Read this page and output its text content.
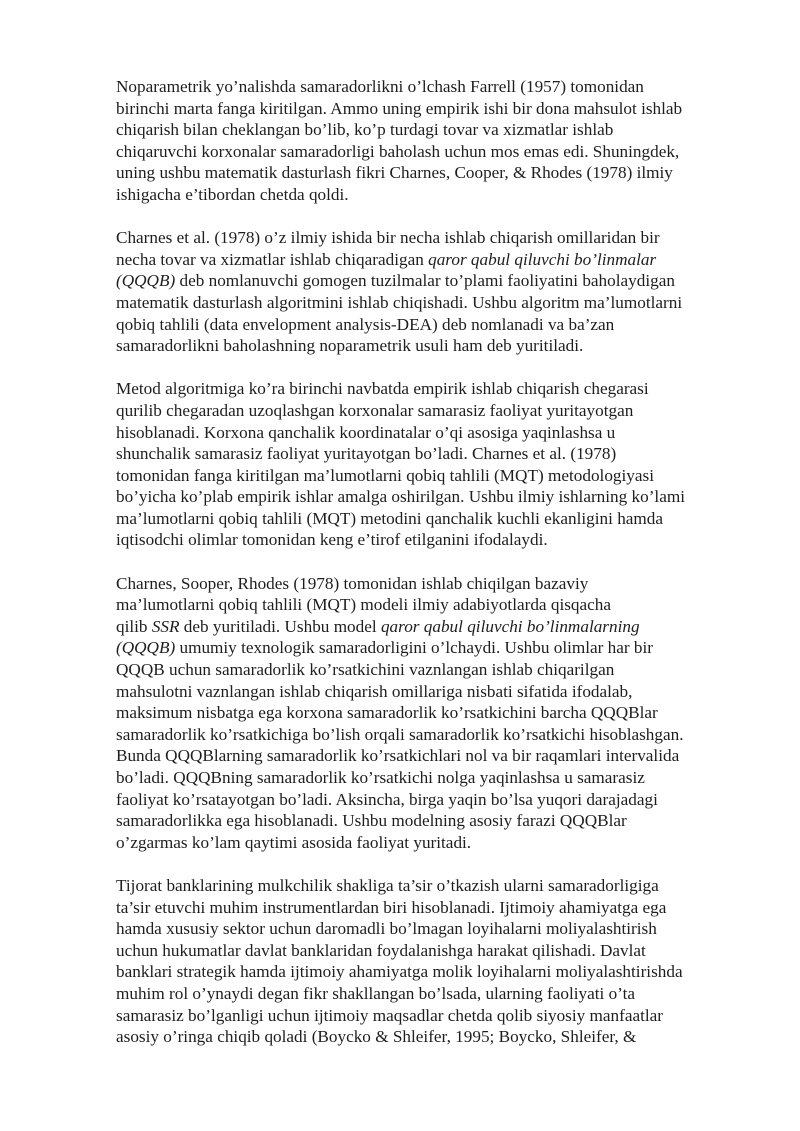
Noparametrik yo’nalishda samaradorlikni o’lchash Farrell (1957) tomonidan
birinchi marta fanga kiritilgan. Ammo uning empirik ishi bir dona mahsulot ishlab
chiqarish bilan cheklangan bo’lib, ko’p turdagi tovar va xizmatlar ishlab
chiqaruvchi korxonalar samaradorligi baholash uchun mos emas edi. Shuningdek,
uning ushbu matematik dasturlash fikri Charnes, Cooper, & Rhodes (1978) ilmiy
ishigacha e’tibordan chetda qoldi.

Charnes et al. (1978) o’z ilmiy ishida bir necha ishlab chiqarish omillaridan bir
necha tovar va xizmatlar ishlab chiqaradigan qaror qabul qiluvchi bo’linmalar
(QQQB) deb nomlanuvchi gomogen tuzilmalar to’plami faoliyatini baholaydigan
matematik dasturlash algoritmini ishlab chiqishadi. Ushbu algoritm ma’lumotlarni
qobiq tahlili (data envelopment analysis-DEA) deb nomlanadi va ba’zan
samaradorlikni baholashning noparametrik usuli ham deb yuritiladi.

Metod algoritmiga ko’ra birinchi navbatda empirik ishlab chiqarish chegarasi
qurilib chegaradan uzoqlashgan korxonalar samarasiz faoliyat yuritayotgan
hisoblanadi. Korxona qanchalik koordinatalar o’qi asosiga yaqinlashsa u
shunchalik samarasiz faoliyat yuritayotgan bo’ladi. Charnes et al. (1978)
tomonidan fanga kiritilgan ma’lumotlarni qobiq tahlili (MQT) metodologiyasi
bo’yicha ko’plab empirik ishlar amalga oshirilgan. Ushbu ilmiy ishlarning ko’lami
ma’lumotlarni qobiq tahlili (MQT) metodini qanchalik kuchli ekanligini hamda
iqtisodchi olimlar tomonidan keng e’tirof etilganini ifodalaydi.

Charnes, Sooper, Rhodes (1978) tomonidan ishlab chiqilgan bazaviy
ma’lumotlarni qobiq tahlili (MQT) modeli ilmiy adabiyotlarda qisqacha
qilib SSR deb yuritiladi. Ushbu model qaror qabul qiluvchi bo’linmalarning
(QQQB) umumiy texnologik samaradorligini o’lchaydi. Ushbu olimlar har bir
QQQB uchun samaradorlik ko’rsatkichini vaznlangan ishlab chiqarilgan
mahsulotni vaznlangan ishlab chiqarish omillariga nisbati sifatida ifodalab,
maksimum nisbatga ega korxona samaradorlik ko’rsatkichini barcha QQQBlar
samaradorlik ko’rsatkichiga bo’lish orqali samaradorlik ko’rsatkichi hisoblashgan.
Bunda QQQBlarning samaradorlik ko’rsatkichlari nol va bir raqamlari intervalida
bo’ladi. QQQBning samaradorlik ko’rsatkichi nolga yaqinlashsa u samarasiz
faoliyat ko’rsatayotgan bo’ladi. Aksincha, birga yaqin bo’lsa yuqori darajadagi
samaradorlikka ega hisoblanadi. Ushbu modelning asosiy farazi QQQBlar
o’zgarmas ko’lam qaytimi asosida faoliyat yuritadi.

Tijorat banklarining mulkchilik shakliga ta’sir o’tkazish ularni samaradorligiga
ta’sir etuvchi muhim instrumentlardan biri hisoblanadi. Ijtimoiy ahamiyatga ega
hamda xususiy sektor uchun daromadli bo’lmagan loyihalarni moliyalashtirish
uchun hukumatlar davlat banklaridan foydalanishga harakat qilishadi. Davlat
banklari strategik hamda ijtimoiy ahamiyatga molik loyihalarni moliyalashtirishda
muhim rol o’ynaydi degan fikr shakllangan bo’lsada, ularning faoliyati o’ta
samarasiz bo’lganligi uchun ijtimoiy maqsadlar chetda qolib siyosiy manfaatlar
asosiy o’ringa chiqib qoladi (Boycko & Shleifer, 1995; Boycko, Shleifer, &
